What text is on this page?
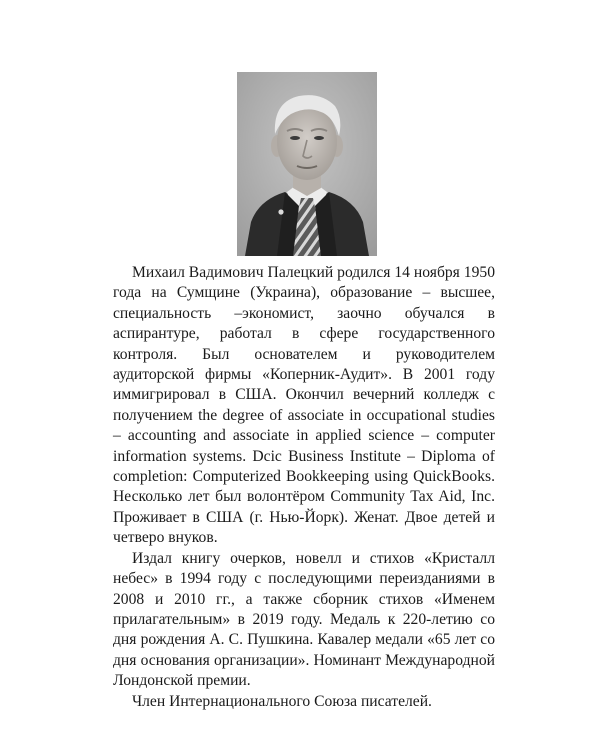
Михаил Вадимович Палецкий родился 14 ноября 1950 года на Сумщине (Украина), образование – высшее, специальность –экономист, заочно обучался в аспирантуре, работал в сфере государственного контроля. Был основателем и руководителем аудиторской фирмы «Коперник-Аудит». В 2001 году иммигрировал в США. Окончил вечерний колледж с получением the degree of associate in occupational studies – accounting and associate in applied science – computer information systems. Dcic Business Institute – Diploma of completion: Computerized Bookkeeping using QuickBooks. Несколько лет был волонтёром Community Tax Aid, Inc. Проживает в США (г. Нью-Йорк). Женат. Двое детей и четверо внуков.

Издал книгу очерков, новелл и стихов «Кристалл небес» в 1994 году с последующими переизданиями в 2008 и 2010 гг., а также сборник стихов «Именем прилагательным» в 2019 году. Медаль к 220-летию со дня рождения А. С. Пушкина. Кавалер медали «65 лет со дня основания организации». Номинант Международной Лондонской премии.

Член Интернационального Союза писателей.
